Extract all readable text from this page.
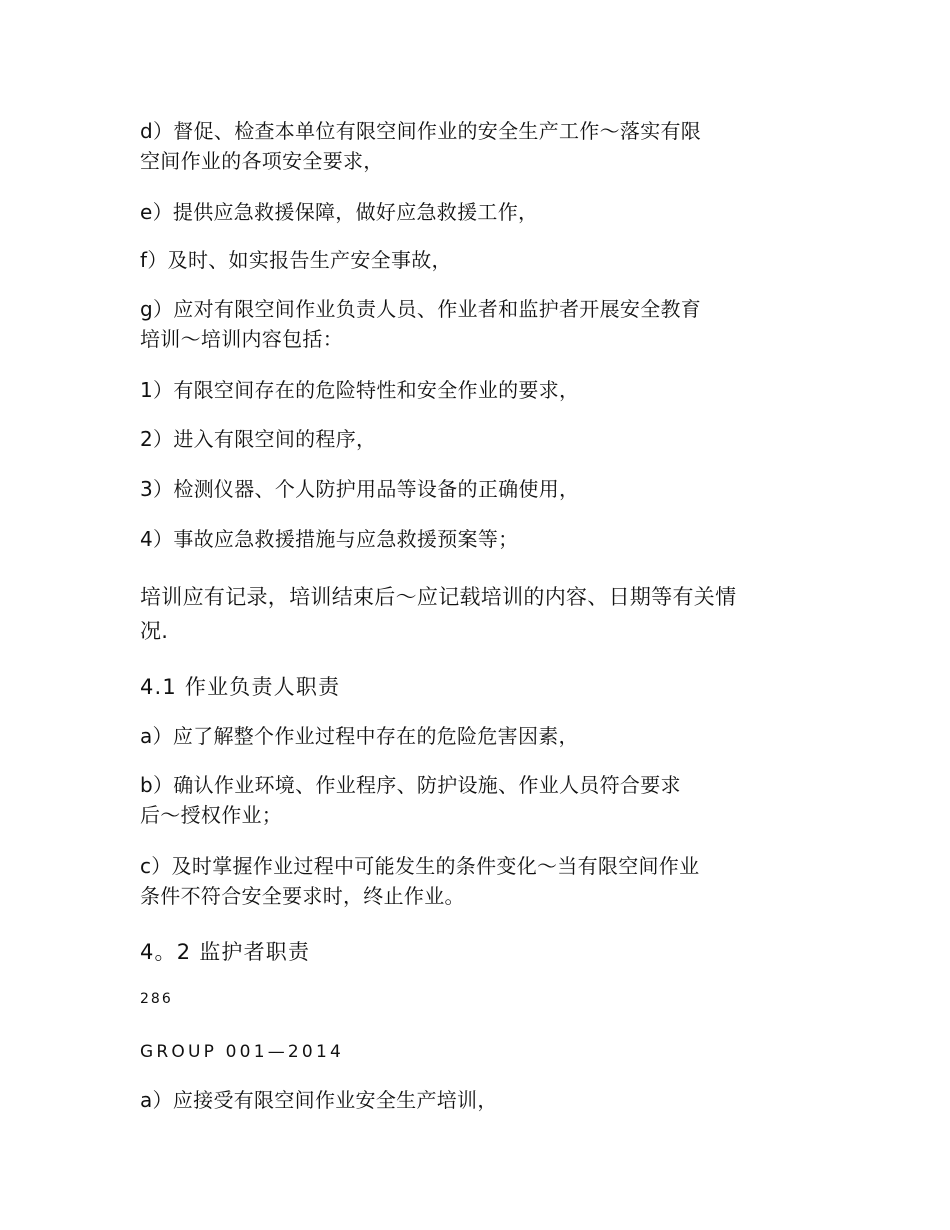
d）督促、检查本单位有限空间作业的安全生产工作～落实有限
空间作业的各项安全要求，
e）提供应急救援保障，做好应急救援工作，
f）及时、如实报告生产安全事故，
g）应对有限空间作业负责人员、作业者和监护者开展安全教育
培训～培训内容包括：
1）有限空间存在的危险特性和安全作业的要求，
2）进入有限空间的程序，
3）检测仪器、个人防护用品等设备的正确使用，
4）事故应急救援措施与应急救援预案等；
培训应有记录，培训结束后～应记载培训的内容、日期等有关情
况.
4.1 作业负责人职责
a）应了解整个作业过程中存在的危险危害因素，
b）确认作业环境、作业程序、防护设施、作业人员符合要求
后～授权作业；
c）及时掌握作业过程中可能发生的条件变化～当有限空间作业
条件不符合安全要求时，终止作业。
4。2 监护者职责
286
GROUP 001—2014
a）应接受有限空间作业安全生产培训，
